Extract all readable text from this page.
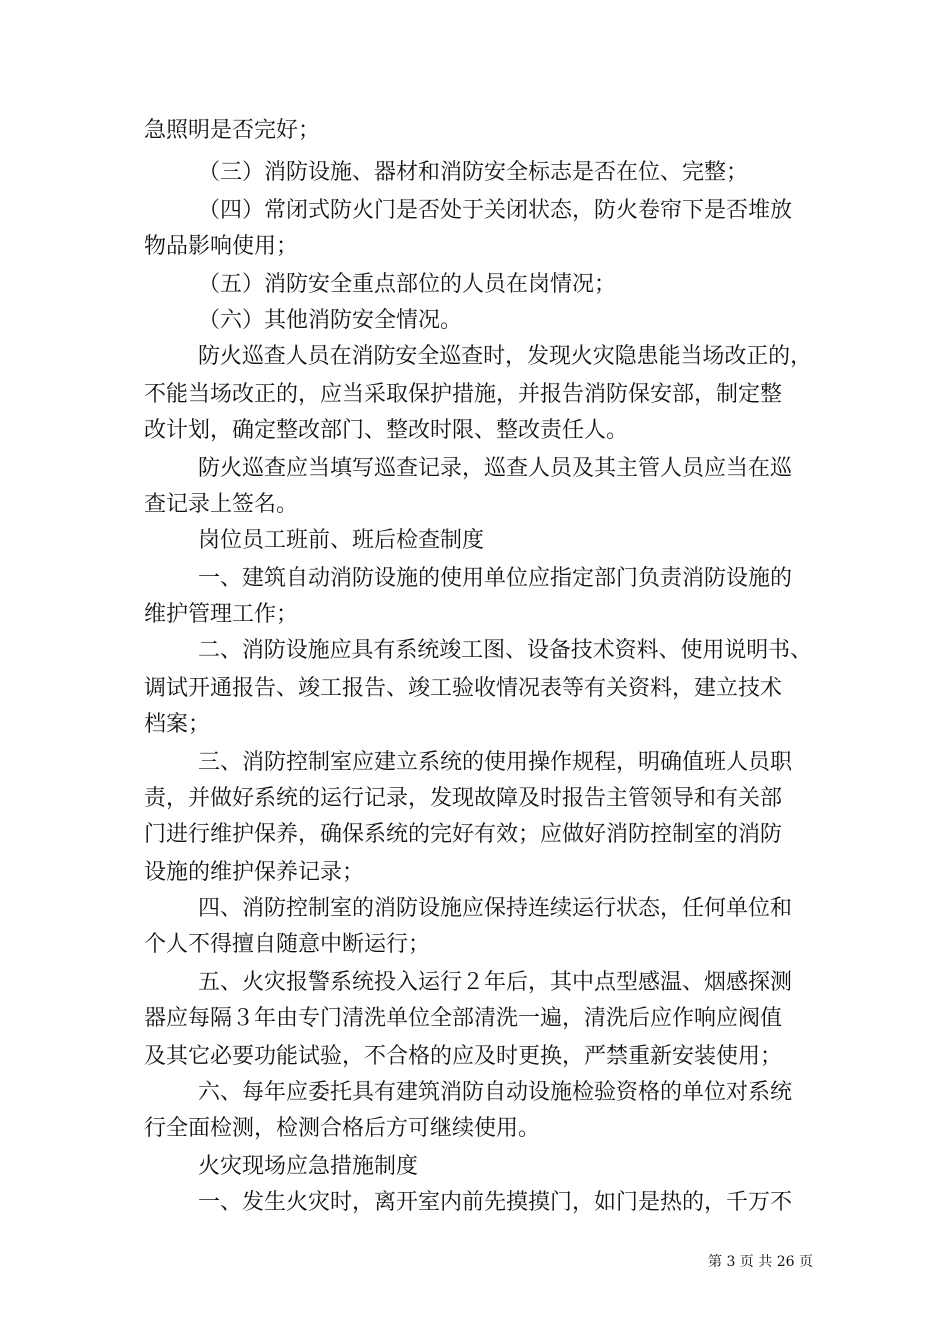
急照明是否完好；
（三）消防设施、器材和消防安全标志是否在位、完整；
（四）常闭式防火门是否处于关闭状态，防火卷帘下是否堆放
物品影响使用；
（五）消防安全重点部位的人员在岗情况；
（六）其他消防安全情况。
防火巡查人员在消防安全巡查时，发现火灾隐患能当场改正的，
不能当场改正的，应当采取保护措施，并报告消防保安部，制定整
改计划，确定整改部门、整改时限、整改责任人。
防火巡查应当填写巡查记录，巡查人员及其主管人员应当在巡
查记录上签名。
岗位员工班前、班后检查制度
一、建筑自动消防设施的使用单位应指定部门负责消防设施的
维护管理工作；
二、消防设施应具有系统竣工图、设备技术资料、使用说明书、
调试开通报告、竣工报告、竣工验收情况表等有关资料，建立技术
档案；
三、消防控制室应建立系统的使用操作规程，明确值班人员职
责，并做好系统的运行记录，发现故障及时报告主管领导和有关部
门进行维护保养，确保系统的完好有效；应做好消防控制室的消防
设施的维护保养记录；
四、消防控制室的消防设施应保持连续运行状态，任何单位和
个人不得擅自随意中断运行；
五、火灾报警系统投入运行２年后，其中点型感温、烟感探测
器应每隔３年由专门清洗单位全部清洗一遍，清洗后应作响应阀值
及其它必要功能试验，不合格的应及时更换，严禁重新安装使用；
六、每年应委托具有建筑消防自动设施检验资格的单位对系统
行全面检测，检测合格后方可继续使用。
火灾现场应急措施制度
一、发生火灾时，离开室内前先摸摸门，如门是热的，千万不
第 3 页 共 26 页
